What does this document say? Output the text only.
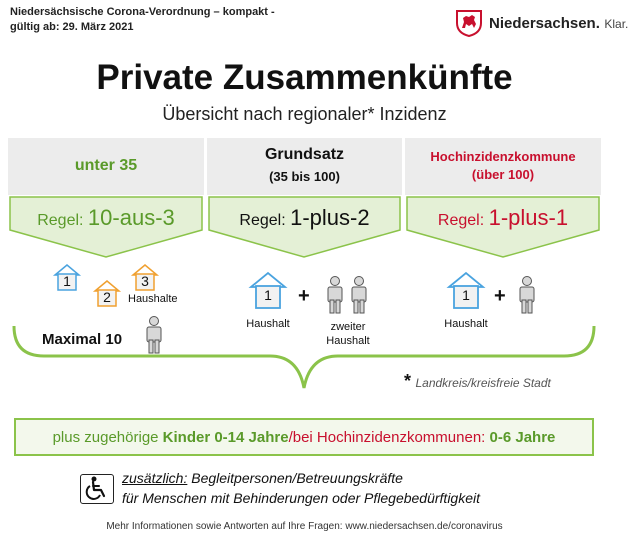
Niedersächsische Corona-Verordnung – kompakt -
gültig ab: 29. März 2021	Niedersachsen. Klar.
Private Zusammenkünfte
Übersicht nach regionaler* Inzidenz
unter 35
Grundsatz
(35 bis 100)
Hochinzidenzkommune
(über 100)
Regel: 10-aus-3	Regel: 1-plus-2	Regel: 1-plus-1
1
2
3
Haushalte
Maximal 10
1
Haushalt
+
zweiter
Haushalt
1
Haushalt
+
* Landkreis/kreisfreie Stadt
plus zugehörige Kinder 0-14 Jahre/bei Hochinzidenzkommunen: 0-6 Jahre
zusätzlich: Begleitpersonen/Betreuungskräfte
für Menschen mit Behinderungen oder Pflegebedürftigkeit
Mehr Informationen sowie Antworten auf Ihre Fragen: www.niedersachsen.de/coronavirus
